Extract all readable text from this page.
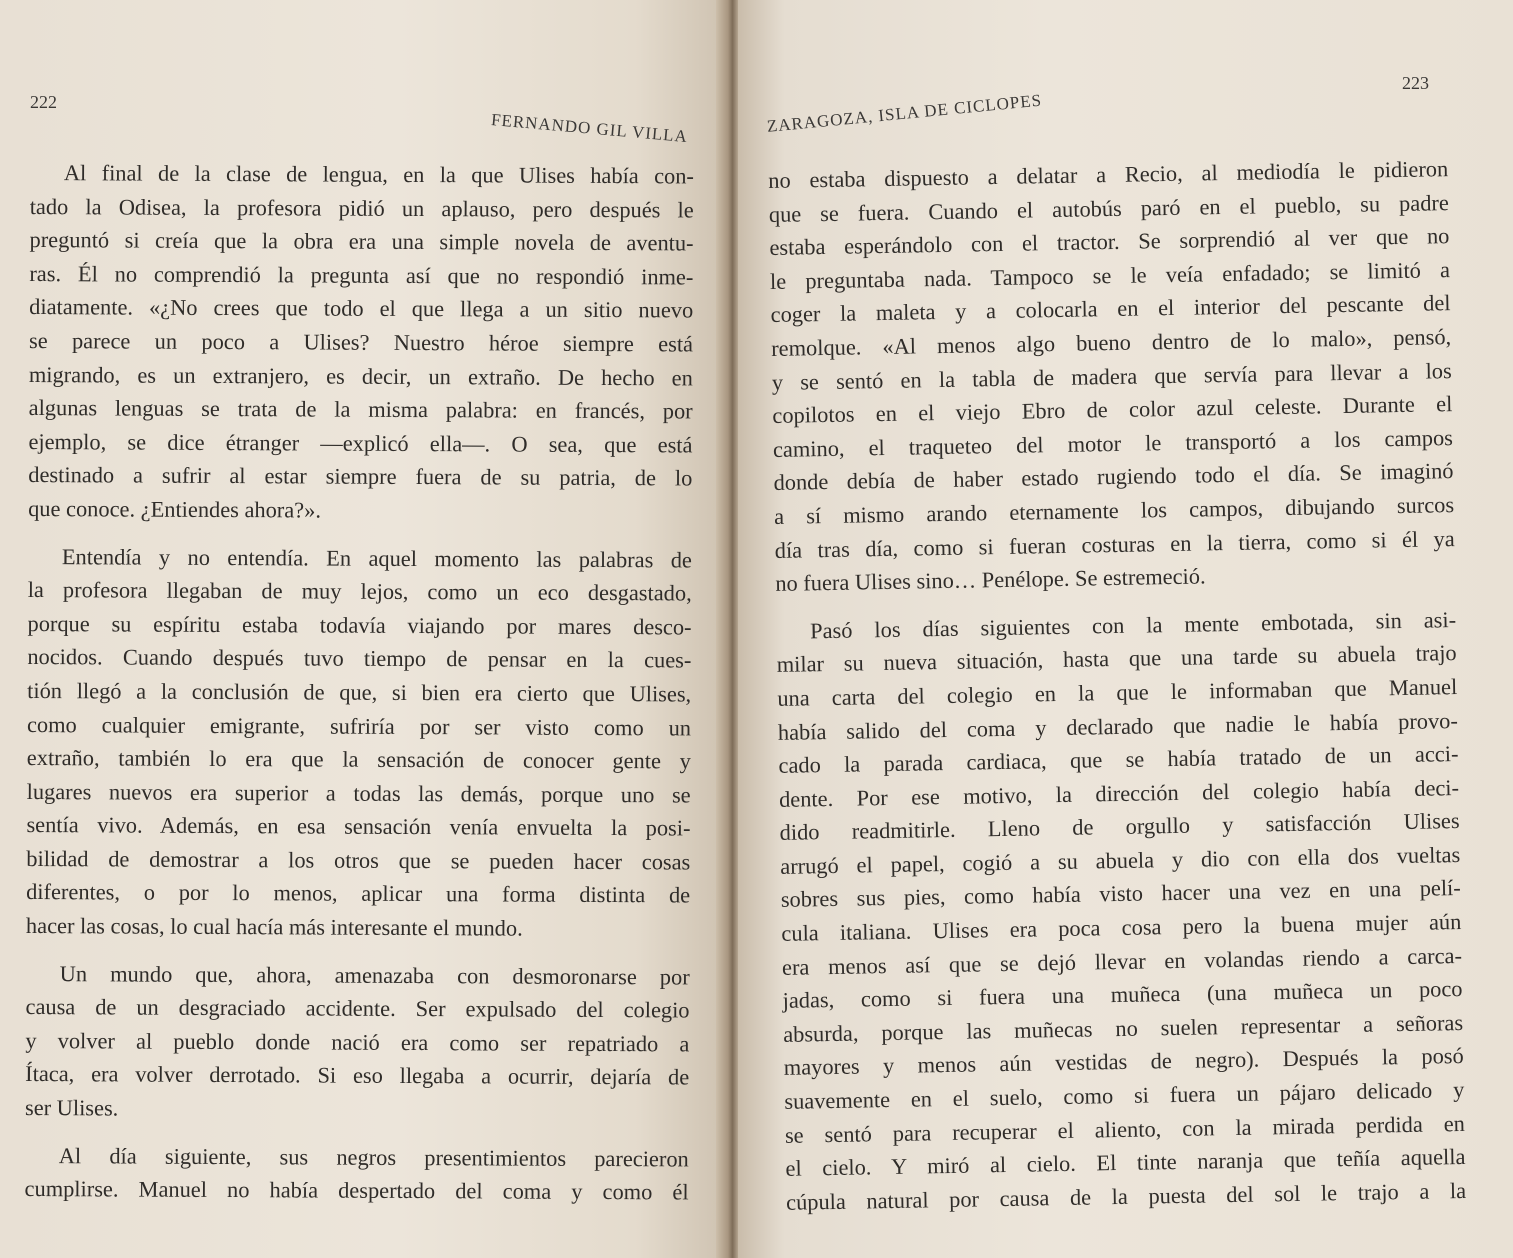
222
FERNANDO GIL VILLA
Al final de la clase de lengua, en la que Ulises había con-
tado la Odisea, la profesora pidió un aplauso, pero después le
preguntó si creía que la obra era una simple novela de aventu-
ras. Él no comprendió la pregunta así que no respondió inme-
diatamente. «¿No crees que todo el que llega a un sitio nuevo
se parece un poco a Ulises? Nuestro héroe siempre está
migrando, es un extranjero, es decir, un extraño. De hecho en
algunas lenguas se trata de la misma palabra: en francés, por
ejemplo, se dice étranger —explicó ella—. O sea, que está
destinado a sufrir al estar siempre fuera de su patria, de lo
que conoce. ¿Entiendes ahora?».
Entendía y no entendía. En aquel momento las palabras de
la profesora llegaban de muy lejos, como un eco desgastado,
porque su espíritu estaba todavía viajando por mares desco-
nocidos. Cuando después tuvo tiempo de pensar en la cues-
tión llegó a la conclusión de que, si bien era cierto que Ulises,
como cualquier emigrante, sufriría por ser visto como un
extraño, también lo era que la sensación de conocer gente y
lugares nuevos era superior a todas las demás, porque uno se
sentía vivo. Además, en esa sensación venía envuelta la posi-
bilidad de demostrar a los otros que se pueden hacer cosas
diferentes, o por lo menos, aplicar una forma distinta de
hacer las cosas, lo cual hacía más interesante el mundo.
Un mundo que, ahora, amenazaba con desmoronarse por
causa de un desgraciado accidente. Ser expulsado del colegio
y volver al pueblo donde nació era como ser repatriado a
Ítaca, era volver derrotado. Si eso llegaba a ocurrir, dejaría de
ser Ulises.
Al día siguiente, sus negros presentimientos parecieron
cumplirse. Manuel no había despertado del coma y como él
223
ZARAGOZA, ISLA DE CICLOPES
no estaba dispuesto a delatar a Recio, al mediodía le pidieron
que se fuera. Cuando el autobús paró en el pueblo, su padre
estaba esperándolo con el tractor. Se sorprendió al ver que no
le preguntaba nada. Tampoco se le veía enfadado; se limitó a
coger la maleta y a colocarla en el interior del pescante del
remolque. «Al menos algo bueno dentro de lo malo», pensó,
y se sentó en la tabla de madera que servía para llevar a los
copilotos en el viejo Ebro de color azul celeste. Durante el
camino, el traqueteo del motor le transportó a los campos
donde debía de haber estado rugiendo todo el día. Se imaginó
a sí mismo arando eternamente los campos, dibujando surcos
día tras día, como si fueran costuras en la tierra, como si él ya
no fuera Ulises sino… Penélope. Se estremeció.
Pasó los días siguientes con la mente embotada, sin asi-
milar su nueva situación, hasta que una tarde su abuela trajo
una carta del colegio en la que le informaban que Manuel
había salido del coma y declarado que nadie le había provo-
cado la parada cardiaca, que se había tratado de un acci-
dente. Por ese motivo, la dirección del colegio había deci-
dido readmitirle. Lleno de orgullo y satisfacción Ulises
arrugó el papel, cogió a su abuela y dio con ella dos vueltas
sobres sus pies, como había visto hacer una vez en una pelí-
cula italiana. Ulises era poca cosa pero la buena mujer aún
era menos así que se dejó llevar en volandas riendo a carca-
jadas, como si fuera una muñeca (una muñeca un poco
absurda, porque las muñecas no suelen representar a señoras
mayores y menos aún vestidas de negro). Después la posó
suavemente en el suelo, como si fuera un pájaro delicado y
se sentó para recuperar el aliento, con la mirada perdida en
el cielo. Y miró al cielo. El tinte naranja que teñía aquella
cúpula natural por causa de la puesta del sol le trajo a la
